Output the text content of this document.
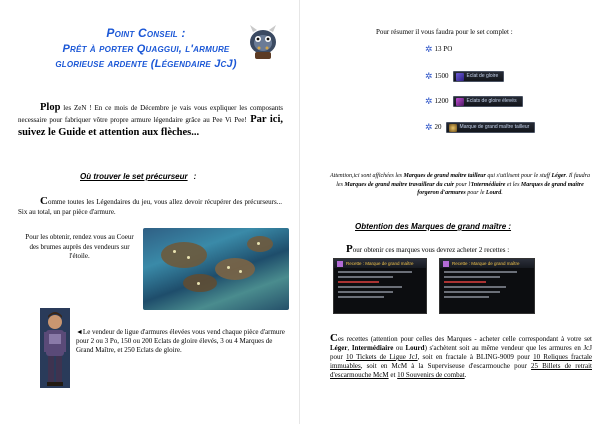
Point Conseil :
Prêt à porter Quaggui, l'armure
glorieuse ardente (Légendaire JcJ)

Plop les ZeN ! En ce mois de Décembre je vais vous expliquer les composants necessaire pour fabriquer vôtre propre armure légendaire grâce au Pee Vi Pee! Par ici, suivez le Guide et attention aux flèches...

Où trouver le set précurseur :

Comme toutes les Légendaires du jeu, vous allez devoir récupérer des précurseurs... Six au total, un par pièce d'armure.

Pour les obtenir, rendez vous au Coeur des brumes auprès des vendeurs sur l'étoile.

◄Le vendeur de ligue d'armures élevées vous vend chaque pièce d'armure pour 2 ou 3 Po, 150 ou 200 Eclats de gloire élevés, 3 ou 4 Marques de Grand Maître, et 250 Eclats de gloire.

Pour résumer il vous faudra pour le set complet :

✲ 13 PO
✲ 1500	Eclat de gloire
✲ 1200	Eclats de gloire élevés
✲ 20	Marque de grand maître tailleur

Attention,ici sont affichées les Marques de grand maître tailleur qui s'utilisent pour le stuff Léger. Il faudra les Marques de grand maître travailleur du cuir pour l'Intermédiaire et les Marques de grand maître forgeron d'armures pour le Lourd.

Obtention des Marques de grand maître :

Pour obtenir ces marques vous devrez acheter 2 recettes :

Recette : Marque de grand maître	Recette : Marque de grand maître

Ces recettes (attention pour celles des Marques - acheter celle correspondant à votre set Léger, Intermédiaire ou Lourd) s'achètent soit au même vendeur que les armures en JcJ pour 10 Tickets de Ligue JcJ, soit en fractale à BLING-9009 pour 10 Reliques fractale immuables, soit en McM à la Superviseuse d'escarmouche pour 25 Billets de retrait d'escarmouche McM et 10 Souvenirs de combat.
